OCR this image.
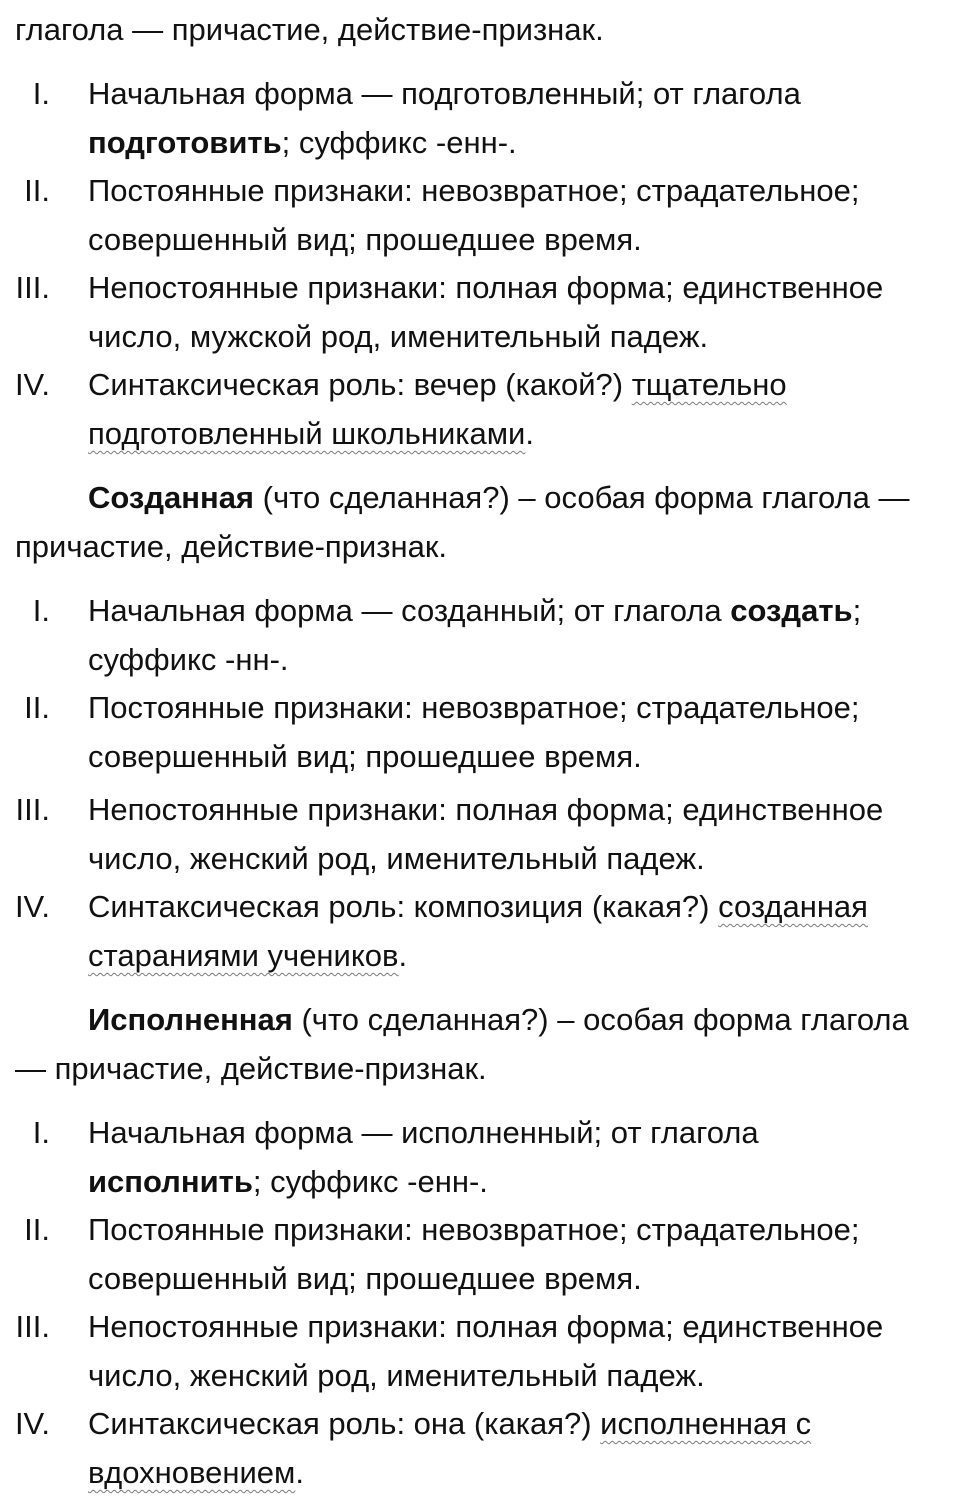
глагола — причастие, действие-признак.
I. Начальная форма — подготовленный; от глагола
подготовить; суффикс -енн-.
II. Постоянные признаки: невозвратное; страдательное;
совершенный вид; прошедшее время.
III. Непостоянные признаки: полная форма; единственное
число, мужской род, именительный падеж.
IV. Синтаксическая роль: вечер (какой?) тщательно
подготовленный школьниками.
Созданная (что сделанная?) – особая форма глагола —
причастие, действие-признак.
I. Начальная форма — созданный; от глагола создать;
суффикс -нн-.
II. Постоянные признаки: невозвратное; страдательное;
совершенный вид; прошедшее время.
III. Непостоянные признаки: полная форма; единственное
число, женский род, именительный падеж.
IV. Синтаксическая роль: композиция (какая?) созданная
стараниями учеников.
Исполненная (что сделанная?) – особая форма глагола
— причастие, действие-признак.
I. Начальная форма — исполненный; от глагола
исполнить; суффикс -енн-.
II. Постоянные признаки: невозвратное; страдательное;
совершенный вид; прошедшее время.
III. Непостоянные признаки: полная форма; единственное
число, женский род, именительный падеж.
IV. Синтаксическая роль: она (какая?) исполненная с
вдохновением.
